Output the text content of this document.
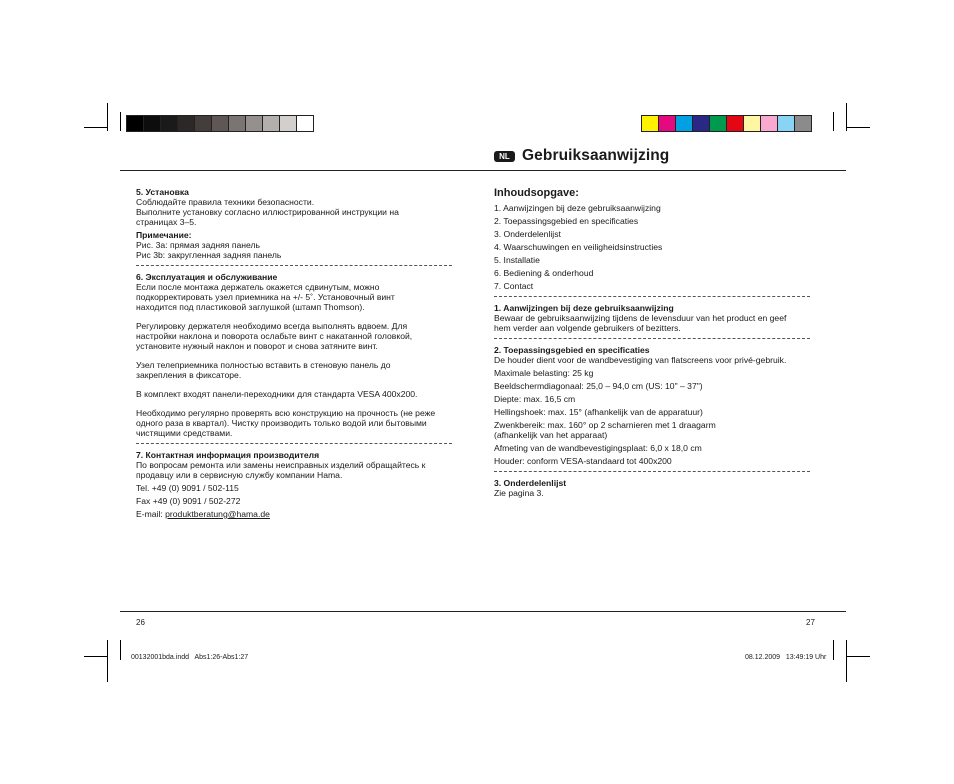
NL Gebruiksaanwijzing

5. Установка

Соблюдайте правила техники безопасности.

Выполните установку согласно иллюстрированной инструкции на

страницах 3–5.

Примечание:

Рис. 3a: прямая задняя панель

Рис 3b: закругленная задняя панель

6. Эксплуатация и обслуживание

Если после монтажа держатель окажется сдвинутым, можно

подкорректировать узел приемника на +/- 5˚. Установочный винт

находится под пластиковой заглушкой (штамп Thomson).

Регулировку держателя необходимо всегда выполнять вдвоем. Для

настройки наклона и поворота ослабьте винт с накатанной головкой,

установите нужный наклон и поворот и снова затяните винт.

Узел телеприемника полностью вставить в стеновую панель до

закрепления в фиксаторе.

В комплект входят панели-переходники для стандарта VESA 400x200.

Необходимо регулярно проверять всю конструкцию на прочность (не реже

одного раза в квартал). Чистку производить только водой или бытовыми

чистящими средствами.

7. Контактная информация производителя

По вопросам ремонта или замены неисправных изделий обращайтесь к

продавцу или в сервисную службу компании Hama.

Tel. +49 (0) 9091 / 502-115

Fax +49 (0) 9091 / 502-272

E-mail: produktberatung@hama.de

Inhoudsopgave:

1. Aanwijzingen bij deze gebruiksaanwijzing

2. Toepassingsgebied en specificaties

3. Onderdelenlijst

4. Waarschuwingen en veiligheidsinstructies

5. Installatie

6. Bediening & onderhoud

7. Contact

1. Aanwijzingen bij deze gebruiksaanwijzing

Bewaar de gebruiksaanwijzing tijdens de levensduur van het product en geef

hem verder aan volgende gebruikers of bezitters.

2. Toepassingsgebied en specificaties

De houder dient voor de wandbevestiging van flatscreens voor privé-gebruik.

Maximale belasting: 25 kg

Beeldschermdiagonaal: 25,0 – 94,0 cm (US: 10" – 37")

Diepte: max. 16,5 cm

Hellingshoek: max. 15° (afhankelijk van de apparatuur)

Zwenkbereik: max. 160° op 2 scharnieren met 1 draagarm

(afhankelijk van het apparaat)

Afmeting van de wandbevestigingsplaat: 6,0 x 18,0 cm

Houder: conform VESA-standaard tot 400x200

3. Onderdelenlijst

Zie pagina 3.

26	27
00132001bda.indd   Abs1:26-Abs1:27	08.12.2009   13:49:19 Uhr
